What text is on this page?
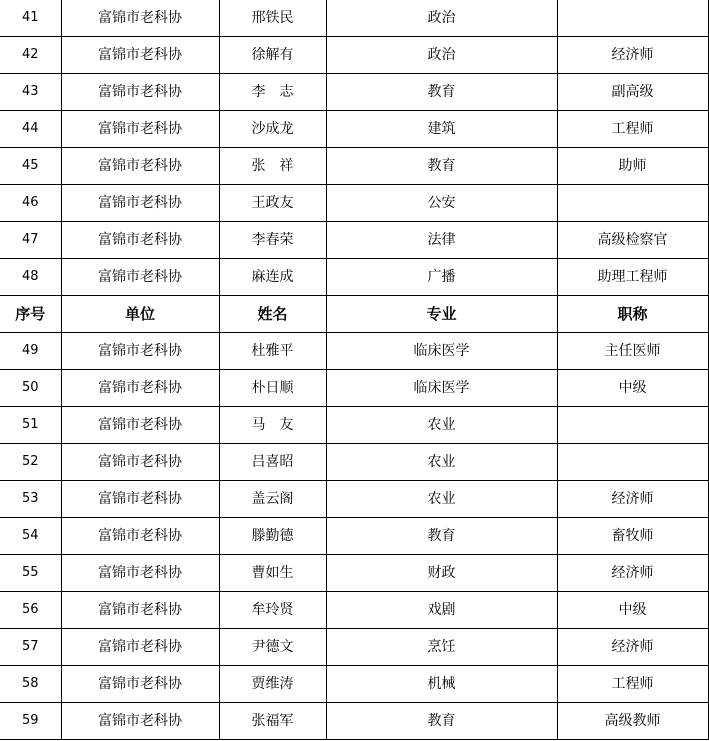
41	富锦市老科协	邢铁民	政治	
42	富锦市老科协	徐解有	政治	经济师
43	富锦市老科协	李　志	教育	副高级
44	富锦市老科协	沙成龙	建筑	工程师
45	富锦市老科协	张　祥	教育	助师
46	富锦市老科协	王政友	公安	
47	富锦市老科协	李春荣	法律	高级检察官
48	富锦市老科协	麻连成	广播	助理工程师
序号	单位	姓名	专业	职称
49	富锦市老科协	杜雅平	临床医学	主任医师
50	富锦市老科协	朴日顺	临床医学	中级
51	富锦市老科协	马　友	农业	
52	富锦市老科协	吕喜昭	农业	
53	富锦市老科协	盖云阁	农业	经济师
54	富锦市老科协	滕勤德	教育	畜牧师
55	富锦市老科协	曹如生	财政	经济师
56	富锦市老科协	牟玲贤	戏剧	中级
57	富锦市老科协	尹德文	烹饪	经济师
58	富锦市老科协	贾维涛	机械	工程师
59	富锦市老科协	张福军	教育	高级教师
